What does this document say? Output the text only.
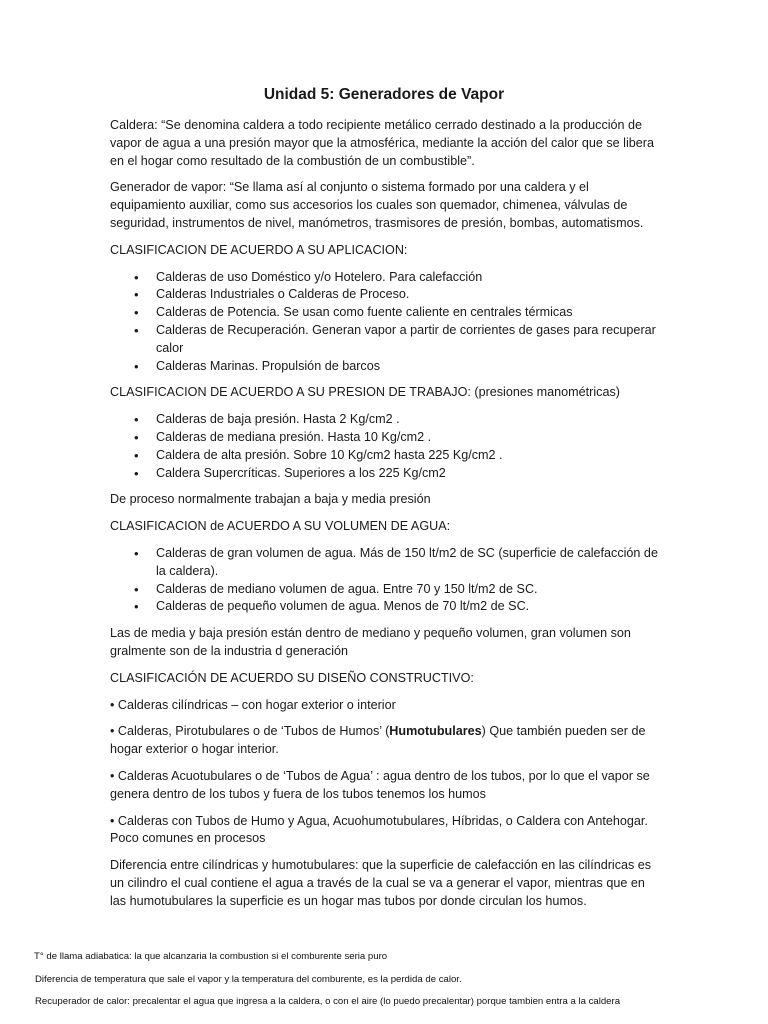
Unidad 5: Generadores de Vapor

Caldera: “Se denomina caldera a todo recipiente metálico cerrado destinado a la producción de vapor de agua a una presión mayor que la atmosférica, mediante la acción del calor que se libera en el hogar como resultado de la combustión de un combustible”.

Generador de vapor: “Se llama así al conjunto o sistema formado por una caldera y el equipamiento auxiliar, como sus accesorios los cuales son quemador, chimenea, válvulas de seguridad, instrumentos de nivel, manómetros, trasmisores de presión, bombas, automatismos.

CLASIFICACION DE ACUERDO A SU APLICACION:

• Calderas de uso Doméstico y/o Hotelero. Para calefacción
• Calderas Industriales o Calderas de Proceso.
• Calderas de Potencia. Se usan como fuente caliente en centrales térmicas
• Calderas de Recuperación. Generan vapor a partir de corrientes de gases para recuperar calor
• Calderas Marinas. Propulsión de barcos

CLASIFICACION DE ACUERDO A SU PRESION DE TRABAJO: (presiones manométricas)

• Calderas de baja presión. Hasta 2 Kg/cm2 .
• Calderas de mediana presión. Hasta 10 Kg/cm2 .
• Caldera de alta presión. Sobre 10 Kg/cm2 hasta 225 Kg/cm2 .
• Caldera Supercríticas. Superiores a los 225 Kg/cm2

De proceso normalmente trabajan a baja y media presión

CLASIFICACION de ACUERDO A SU VOLUMEN DE AGUA:

• Calderas de gran volumen de agua. Más de 150 lt/m2 de SC (superficie de calefacción de la caldera).
• Calderas de mediano volumen de agua. Entre 70 y 150 lt/m2 de SC.
• Calderas de pequeño volumen de agua. Menos de 70 lt/m2 de SC.

Las de media y baja presión están dentro de mediano y pequeño volumen, gran volumen son gralmente son de la industria d generación

CLASIFICACIÓN DE ACUERDO SU DISEÑO CONSTRUCTIVO:

• Calderas cilíndricas – con hogar exterior o interior

• Calderas, Pirotubulares o de ‘Tubos de Humos’ (Humotubulares) Que también pueden ser de hogar exterior o hogar interior.

• Calderas Acuotubulares o de ‘Tubos de Agua’ : agua dentro de los tubos, por lo que el vapor se genera dentro de los tubos y fuera de los tubos tenemos los humos

• Calderas con Tubos de Humo y Agua, Acuohumotubulares, Híbridas, o Caldera con Antehogar. Poco comunes en procesos

Diferencia entre cilíndricas y humotubulares: que la superficie de calefacción en las cilíndricas es un cilindro el cual contiene el agua a través de la cual se va a generar el vapor, mientras que en las humotubulares la superficie es un hogar mas tubos por donde circulan los humos.

T° de llama adiabatica: la que alcanzaria la combustion si el comburente seria puro
Diferencia de temperatura que sale el vapor y la temperatura del comburente, es la perdida de calor.
Recuperador de calor: precalentar el agua que ingresa a la caldera, o con el aire (lo puedo precalentar) porque tambien entra a la caldera
